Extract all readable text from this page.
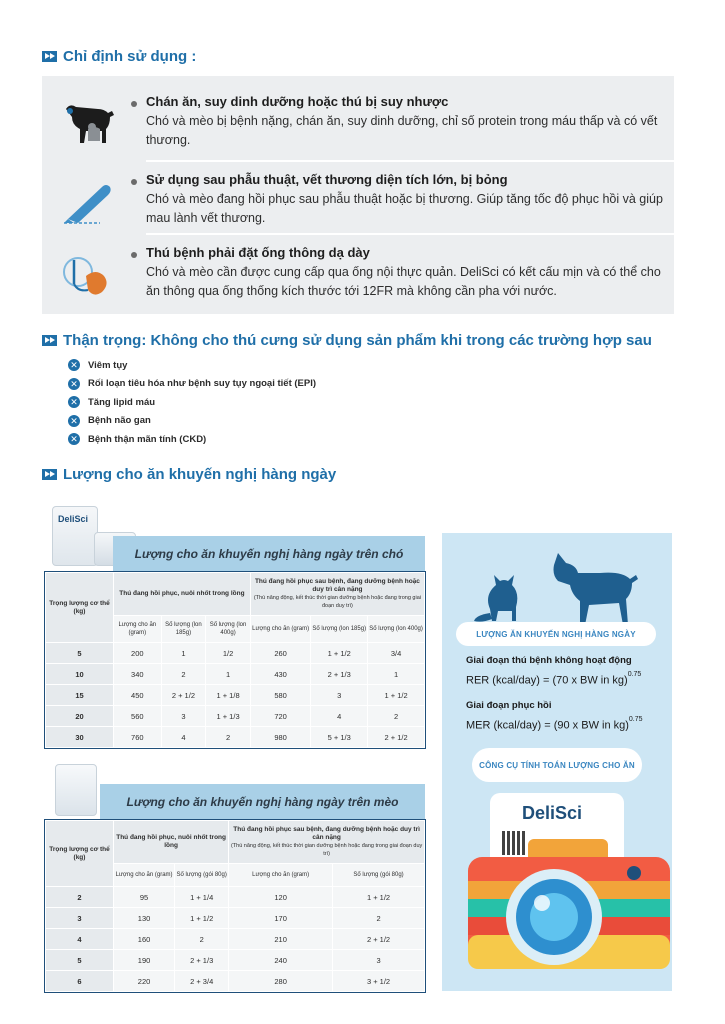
Chỉ định sử dụng :
Chán ăn, suy dinh dưỡng hoặc thú bị suy nhược
Chó và mèo bị bệnh nặng, chán ăn, suy dinh dưỡng, chỉ số protein trong máu thấp và có vết thương.
Sử dụng sau phẫu thuật, vết thương diện tích lớn, bị bỏng
Chó và mèo đang hồi phục sau phẫu thuật hoặc bị thương. Giúp tăng tốc độ phục hồi và giúp mau lành vết thương.
Thú bệnh phải đặt ống thông dạ dày
Chó và mèo cần được cung cấp qua ống nội thực quản. DeliSci có kết cấu mịn và có thể cho ăn thông qua ống thống kích thước tới 12FR mà không cần pha với nước.
Thận trọng: Không cho thú cưng sử dụng sản phẩm khi trong các trường hợp sau
✕ Viêm tụy
✕ Rối loạn tiêu hóa như bệnh suy tụy ngoại tiết (EPI)
✕ Tăng lipid máu
✕ Bệnh não gan
✕ Bệnh thận mãn tính (CKD)
Lượng cho ăn khuyến nghị hàng ngày
DeliSci
Lượng cho ăn khuyến nghị hàng ngày trên chó
Trọng lượng cơ thể (kg)	Thú đang hồi phục, nuôi nhốt trong lồng			Thú đang hồi phục sau bệnh, đang dưỡng bệnh hoặc duy trì cân nặng
(Thú năng động, kết thúc thời gian dưỡng bệnh hoặc đang trong giai đoạn duy trì)		

	Lượng cho ăn (gram)	Số lượng (lon 185g)	Số lượng (lon 400g)	Lượng cho ăn (gram)	Số lượng (lon 185g)	Số lượng (lon 400g)
5	200	1	1/2	260	1 + 1/2	3/4
10	340	2	1	430	2 + 1/3	1
15	450	2 + 1/2	1 + 1/8	580	3	1 + 1/2
20	560	3	1 + 1/3	720	4	2
30	760	4	2	980	5 + 1/3	2 + 1/2
Lượng cho ăn khuyến nghị hàng ngày trên mèo
Trọng lượng cơ thể (kg)	Thú đang hồi phục, nuôi nhốt trong lồng		Thú đang hồi phục sau bệnh, đang dưỡng bệnh hoặc duy trì cân nặng
(Thú năng động, kết thúc thời gian dưỡng bệnh hoặc đang trong giai đoạn duy trì)	

	Lượng cho ăn (gram)	Số lượng (gói 80g)	Lượng cho ăn (gram)	Số lượng (gói 80g)
2	95	1 + 1/4	120	1 + 1/2
3	130	1 + 1/2	170	2
4	160	2	210	2 + 1/2
5	190	2 + 1/3	240	3
6	220	2 + 3/4	280	3 + 1/2
LƯỢNG ĂN KHUYẾN NGHỊ HÀNG NGÀY
Giai đoạn thú bệnh không hoạt động
RER (kcal/day) = (70 x BW in kg)$^{0.75}$
Giai đoạn phục hồi
MER (kcal/day) = (90 x BW in kg)$^{0.75}$
CÔNG CỤ TÍNH TOÁN LƯỢNG CHO ĂN
DeliSci
